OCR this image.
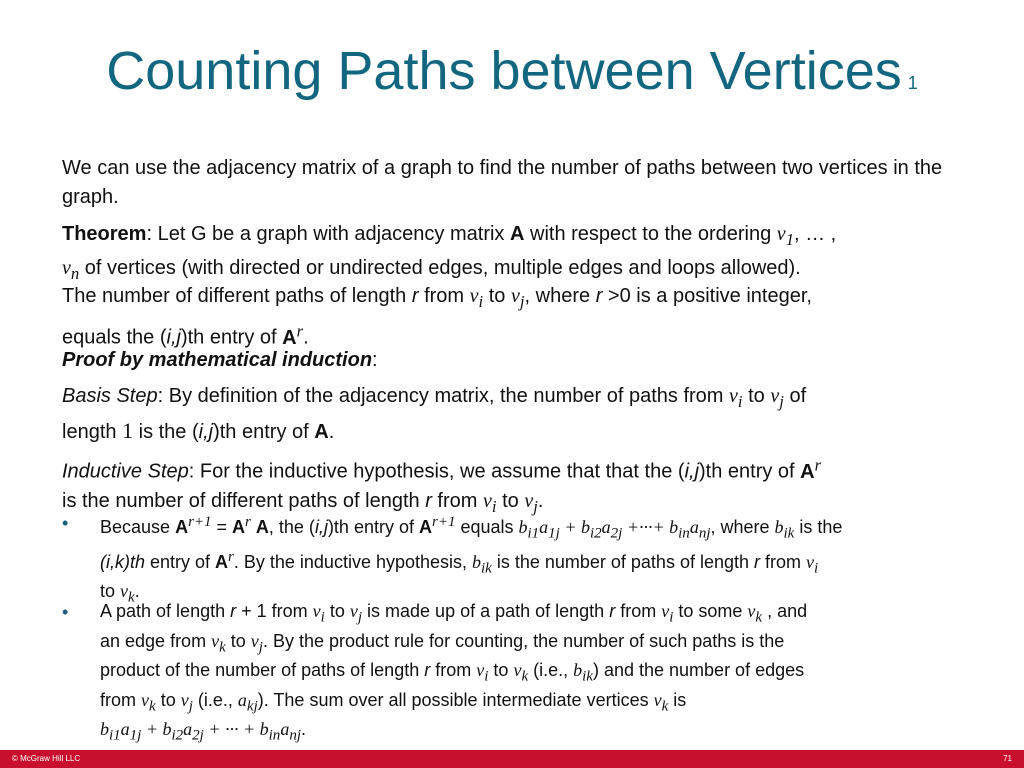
Counting Paths between Vertices 1
We can use the adjacency matrix of a graph to find the number of paths between two vertices in the graph.
Theorem: Let G be a graph with adjacency matrix A with respect to the ordering $v_1$, … ,
$v_n$ of vertices (with directed or undirected edges, multiple edges and loops allowed).
The number of different paths of length r from $v_i$ to $v_j$, where r >0 is a positive integer,
equals the (i,j)th entry of $A^r$.
Proof by mathematical induction:
Basis Step: By definition of the adjacency matrix, the number of paths from $v_i$ to $v_j$ of
length 1 is the (i,j)th entry of A.
Inductive Step: For the inductive hypothesis, we assume that that the (i,j)th entry of $A^r$
is the number of different paths of length r from $v_i$ to $v_j$.
• Because $A^{r+1} = A^r$ A, the (i,j)th entry of $A^{r+1}$ equals $b_{i1}a_{1j} + b_{i2}a_{2j}$ +···+ $b_{in}a_{nj}$, where $b_{ik}$ is the
(i,k)th entry of $A^r$. By the inductive hypothesis, $b_{ik}$ is the number of paths of length r from $v_i$
to $v_k$.
• A path of length r + 1 from $v_i$ to $v_j$ is made up of a path of length r from $v_i$ to some $v_k$ , and
an edge from $v_k$ to $v_j$. By the product rule for counting, the number of such paths is the
product of the number of paths of length r from $v_i$ to $v_k$ (i.e., $b_{ik}$) and the number of edges
from $v_k$ to $v_j$ (i.e., $a_{kj}$). The sum over all possible intermediate vertices $v_k$ is
$b_{i1}a_{1j} + b_{i2}a_{2j}$ + ··· + $b_{in}a_{nj}$.
© McGraw Hill LLC	71
